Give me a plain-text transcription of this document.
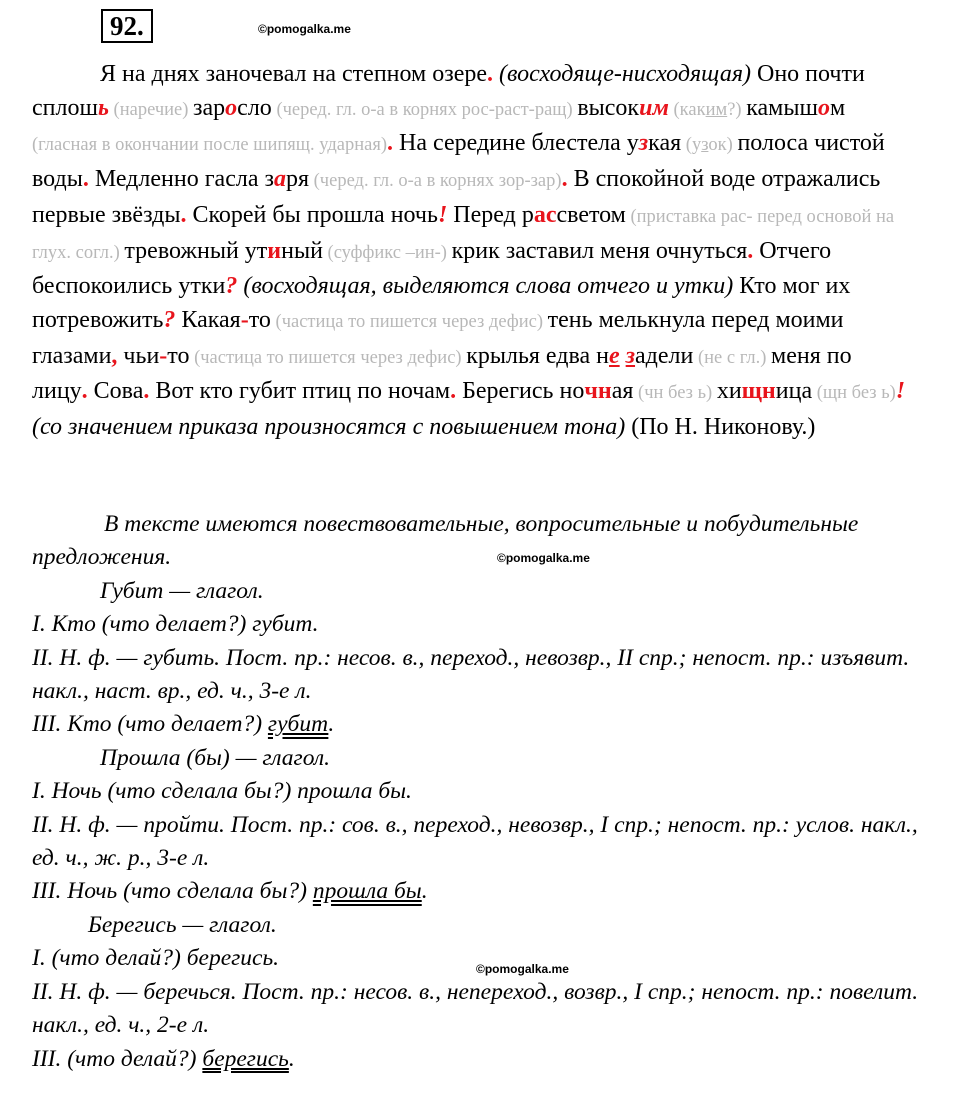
92.	©pomogalka.me
©pomogalka.me
©pomogalka.me

Я на днях заночевал на степном озере. (восходяще-нисходящая) Оно почти сплошь (наречие) заросло (черед. гл. о-а в корнях рос-раст-ращ) высоким (каким?) камышом (гласная в окончании после шипящ. ударная). На середине блестела узкая (узок) полоса чистой воды. Медленно гасла заря (черед. гл. о-а в корнях зор-зар). В спокойной воде отражались первые звёзды. Скорей бы прошла ночь! Перед рассветом (приставка рас- перед основой на глух. согл.) тревожный утиный (суффикс –ин-) крик заставил меня очнуться. Отчего беспокоились утки? (восходящая, выделяются слова отчего и утки) Кто мог их потревожить? Какая-то (частица то пишется через дефис) тень мелькнула перед моими глазами, чьи-то (частица то пишется через дефис) крылья едва не задели (не с гл.) меня по лицу. Сова. Вот кто губит птиц по ночам. Берегись ночная (чн без ь) хищница (щн без ь)! (со значением приказа произносятся с повышением тона) (По Н. Никонову.)

В тексте имеются повествовательные, вопросительные и побудительные предложения.

Губит — глагол.

I. Кто (что делает?) губит.

II. Н. ф. — губить. Пост. пр.: несов. в., переход., невозвр., II спр.; непост. пр.: изъявит. накл., наст. вр., ед. ч., 3-е л.

III. Кто (что делает?) губит.

Прошла (бы) — глагол.

I. Ночь (что сделала бы?) прошла бы.

II. Н. ф. — пройти. Пост. пр.: сов. в., переход., невозвр., I спр.; непост. пр.: услов. накл., ед. ч., ж. р., 3-е л.

III. Ночь (что сделала бы?) прошла бы.

Берегись — глагол.

I. (что делай?) берегись.

II. Н. ф. — беречься. Пост. пр.: несов. в., неперeход., возвр., I спр.; непост. пр.: повелит. накл., ед. ч., 2-е л.

III. (что делай?) берегись.
